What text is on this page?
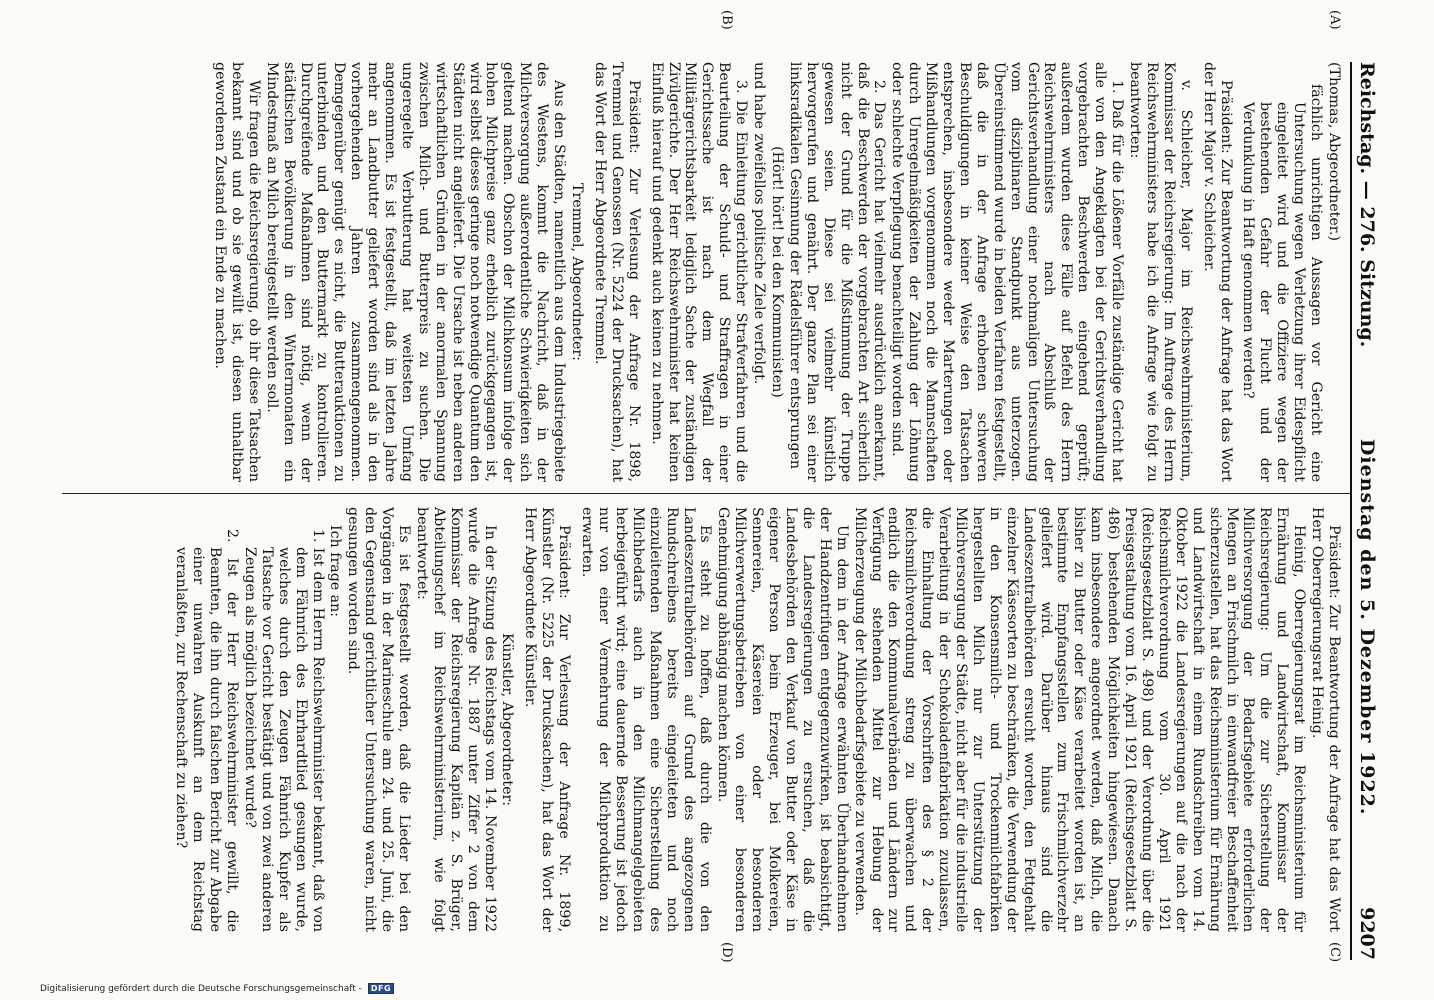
Reichstag. — 276. Sitzung.
Dienstag den 5. Dezember 1922.
9207
(A)
(B)
(C)
(D)

(Thomas, Abgeordneter.)

fächlich unrichtigen Aussagen vor Gericht eine Untersuchung wegen Verletzung ihrer Eidespflicht eingeleitet wird und die Offiziere wegen der bestehenden Gefahr der Flucht und der Verdunklung in Haft genommen werden?

Präsident: Zur Beantwortung der Anfrage hat das Wort der Herr Major v. Schleicher.

v. Schleicher, Major im Reichswehrministerium, Kommissar der Reichsregierung: Im Auftrage des Herrn Reichswehrministers habe ich die Anfrage wie folgt zu beantworten:

1. Daß für die Lößener Vorfälle zuständige Gericht hat alle von den Angeklagten bei der Gerichtsverhandlung vorgebrachten Beschwerden eingehend geprüft; außerdem wurden diese Fälle auf Befehl des Herrn Reichswehrministers nach Abschluß der Gerichtsverhandlung einer nochmaligen Untersuchung vom disziplinaren Standpunkt aus unterzogen. Übereinstimmend wurde in beiden Verfahren festgestellt, daß die in der Anfrage erhobenen schweren Beschuldigungen in keiner Weise den Tatsachen entsprechen, insbesondere weder Marterungen oder Mißhandlungen vorgenommen noch die Mannschaften durch Unregelmäßigkeiten der Zahlung der Löhnung oder schlechte Verpflegung benachteiligt worden sind.

2. Das Gericht hat vielmehr ausdrücklich anerkannt, daß die Beschwerden der vorgebrachten Art sicherlich nicht der Grund für die Mißstimmung der Truppe gewesen seien. Diese sei vielmehr künstlich hervorgerufen und genährt. Der ganze Plan sei einer linksradikalen Gesinnung der Rädelsführer entsprungen

(Hört! hört! bei den Kommunisten)

und habe zweifellos politische Ziele verfolgt.

3. Die Einleitung gerichtlicher Strafverfahren und die Beurteilung der Schuld- und Straffragen in einer Gerichtssache ist nach dem Wegfall der Militärgerichtsbarkeit lediglich Sache der zuständigen Zivilgerichte. Der Herr Reichswehrminister hat keinen Einfluß hierauf und gedenkt auch keinen zu nehmen.

Präsident: Zur Verlesung der Anfrage Nr. 1898, Tremmel und Genossen (Nr. 5224 der Drucksachen), hat das Wort der Herr Abgeordnete Tremmel.

Tremmel, Abgeordneter:

Aus den Städten, namentlich aus dem Industriegebiete des Westens, kommt die Nachricht, daß in der Milchversorgung außerordentliche Schwierigkeiten sich geltend machen. Obschon der Milchkonsum infolge der hohen Milchpreise ganz erheblich zurückgegangen ist, wird selbst dieses geringe noch notwendige Quantum den Städten nicht angeliefert. Die Ursache ist neben anderen wirtschaftlichen Gründen in der anormalen Spannung zwischen Milch- und Butterpreis zu suchen. Die ungeregelte Verbutterung hat weitesten Umfang angenommen. Es ist festgestellt, daß im letzten Jahre mehr an Landbutter geliefert worden sind als in den vorhergehenden Jahren zusammengenommen. Demgegenüber genügt es nicht, die Butterauktionen zu unterbinden und den Buttermarkt zu kontrollieren. Durchgreifende Maßnahmen sind nötig, wenn der städtischen Bevölkerung in den Wintermonaten ein Mindestmaß an Milch bereitgestellt werden soll.

Wir fragen die Reichsregierung, ob ihr diese Tatsachen bekannt sind und ob sie gewillt ist, diesen unhaltbar gewordenen Zustand ein Ende zu machen.

Präsident: Zur Beantwortung der Anfrage hat das Wort Herr Oberregierungsrat Heinig.

Heinig, Oberregierungsrat im Reichsministerium für Ernährung und Landwirtschaft, Kommissar der Reichsregierung: Um die zur Sicherstellung der Milchversorgung der Bedarfsgebiete erforderlichen Mengen an Frischmilch in einwandfreier Beschaffenheit sicherzustellen, hat das Reichsministerium für Ernährung und Landwirtschaft in einem Rundschreiben vom 14. Oktober 1922 die Landesregierungen auf die nach der Reichsmilchverordnung vom 30. April 1921 (Reichsgesetzblatt S. 498) und der Verordnung über die Preisgestaltung vom 16. April 1921 (Reichsgesetzblatt S. 486) bestehenden Möglichkeiten hingewiesen. Danach kann insbesondere angeordnet werden, daß Milch, die bisher zu Butter oder Käse verarbeitet worden ist, an bestimmte Empfangsstellen zum Frischmilchverzehr geliefert wird. Darüber hinaus sind die Landeszentralbehörden ersucht worden, den Fettgehalt einzelner Käsesorten zu beschränken, die Verwendung der in den Konsensmilch- und Trockenmilchfabriken hergestellten Milch nur zur Unterstützung der Milchversorgung der Städte, nicht aber für die industrielle Verarbeitung in der Schokoladenfabrikation zuzulassen, die Einhaltung der Vorschriften des § 2 der Reichsmilchverordnung streng zu überwachen und endlich die den Kommunalverbänden und Ländern zur Verfügung stehenden Mittel zur Hebung der Milcherzeugung der Milchbedarfsgebiete zu verwenden.

Um dem in der Anfrage erwähnten Überhandnehmen der Handzentrifugen entgegenzuwirken, ist beabsichtigt, die Landesregierungen zu ersuchen, daß die Landesbehörden den Verkauf von Butter oder Käse in eigener Person beim Erzeuger, bei Molkereien, Sennereien, Käsereien oder besonderen Milchverwertungsbetrieben von einer besonderen Genehmigung abhängig machen können.

Es steht zu hoffen, daß durch die von den Landeszentralbehörden auf Grund des angezogenen Rundschreibens bereits eingeleiteten und noch einzuleitenden Maßnahmen eine Sicherstellung des Milchbedarfs auch in den Milchmangelgebieten herbeigeführt wird; eine dauernde Besserung ist jedoch nur von einer Vermehrung der Milchproduktion zu erwarten.

Präsident: Zur Verlesung der Anfrage Nr. 1899, Künstler (Nr. 5225 der Drucksachen), hat das Wort der Herr Abgeordnete Künstler.

Künstler, Abgeordneter:

In der Sitzung des Reichstags vom 14. November 1922 wurde die Anfrage Nr. 1887 unter Ziffer 2 von dem Kommissar der Reichsregierung Kapitän z. S. Brüger, Abteilungschef im Reichswehrministerium, wie folgt beantwortet:

Es ist festgestellt worden, daß die Lieder bei den Vorgängen in der Marineschule am 24. und 25. Juni, die den Gegenstand gerichtlicher Untersuchung waren, nicht gesungen worden sind.

Ich frage an:

1. Ist dem Herrn Reichswehrminister bekannt, daß von dem Fähnrich des Ehrhardtlied gesungen wurde, welches durch den Zeugen Fähnrich Kupfer als Tatsache vor Gericht bestätigt und von zwei anderen Zeugen als möglich bezeichnet wurde?

2. Ist der Herr Reichswehrminister gewillt, die Beamten, die ihn durch falschen Bericht zur Abgabe einer unwahren Auskunft an dem Reichstag veranlaßten, zur Rechenschaft zu ziehen?

Digitalisierung gefördert durch die Deutsche Forschungsgemeinschaft -	DFG
